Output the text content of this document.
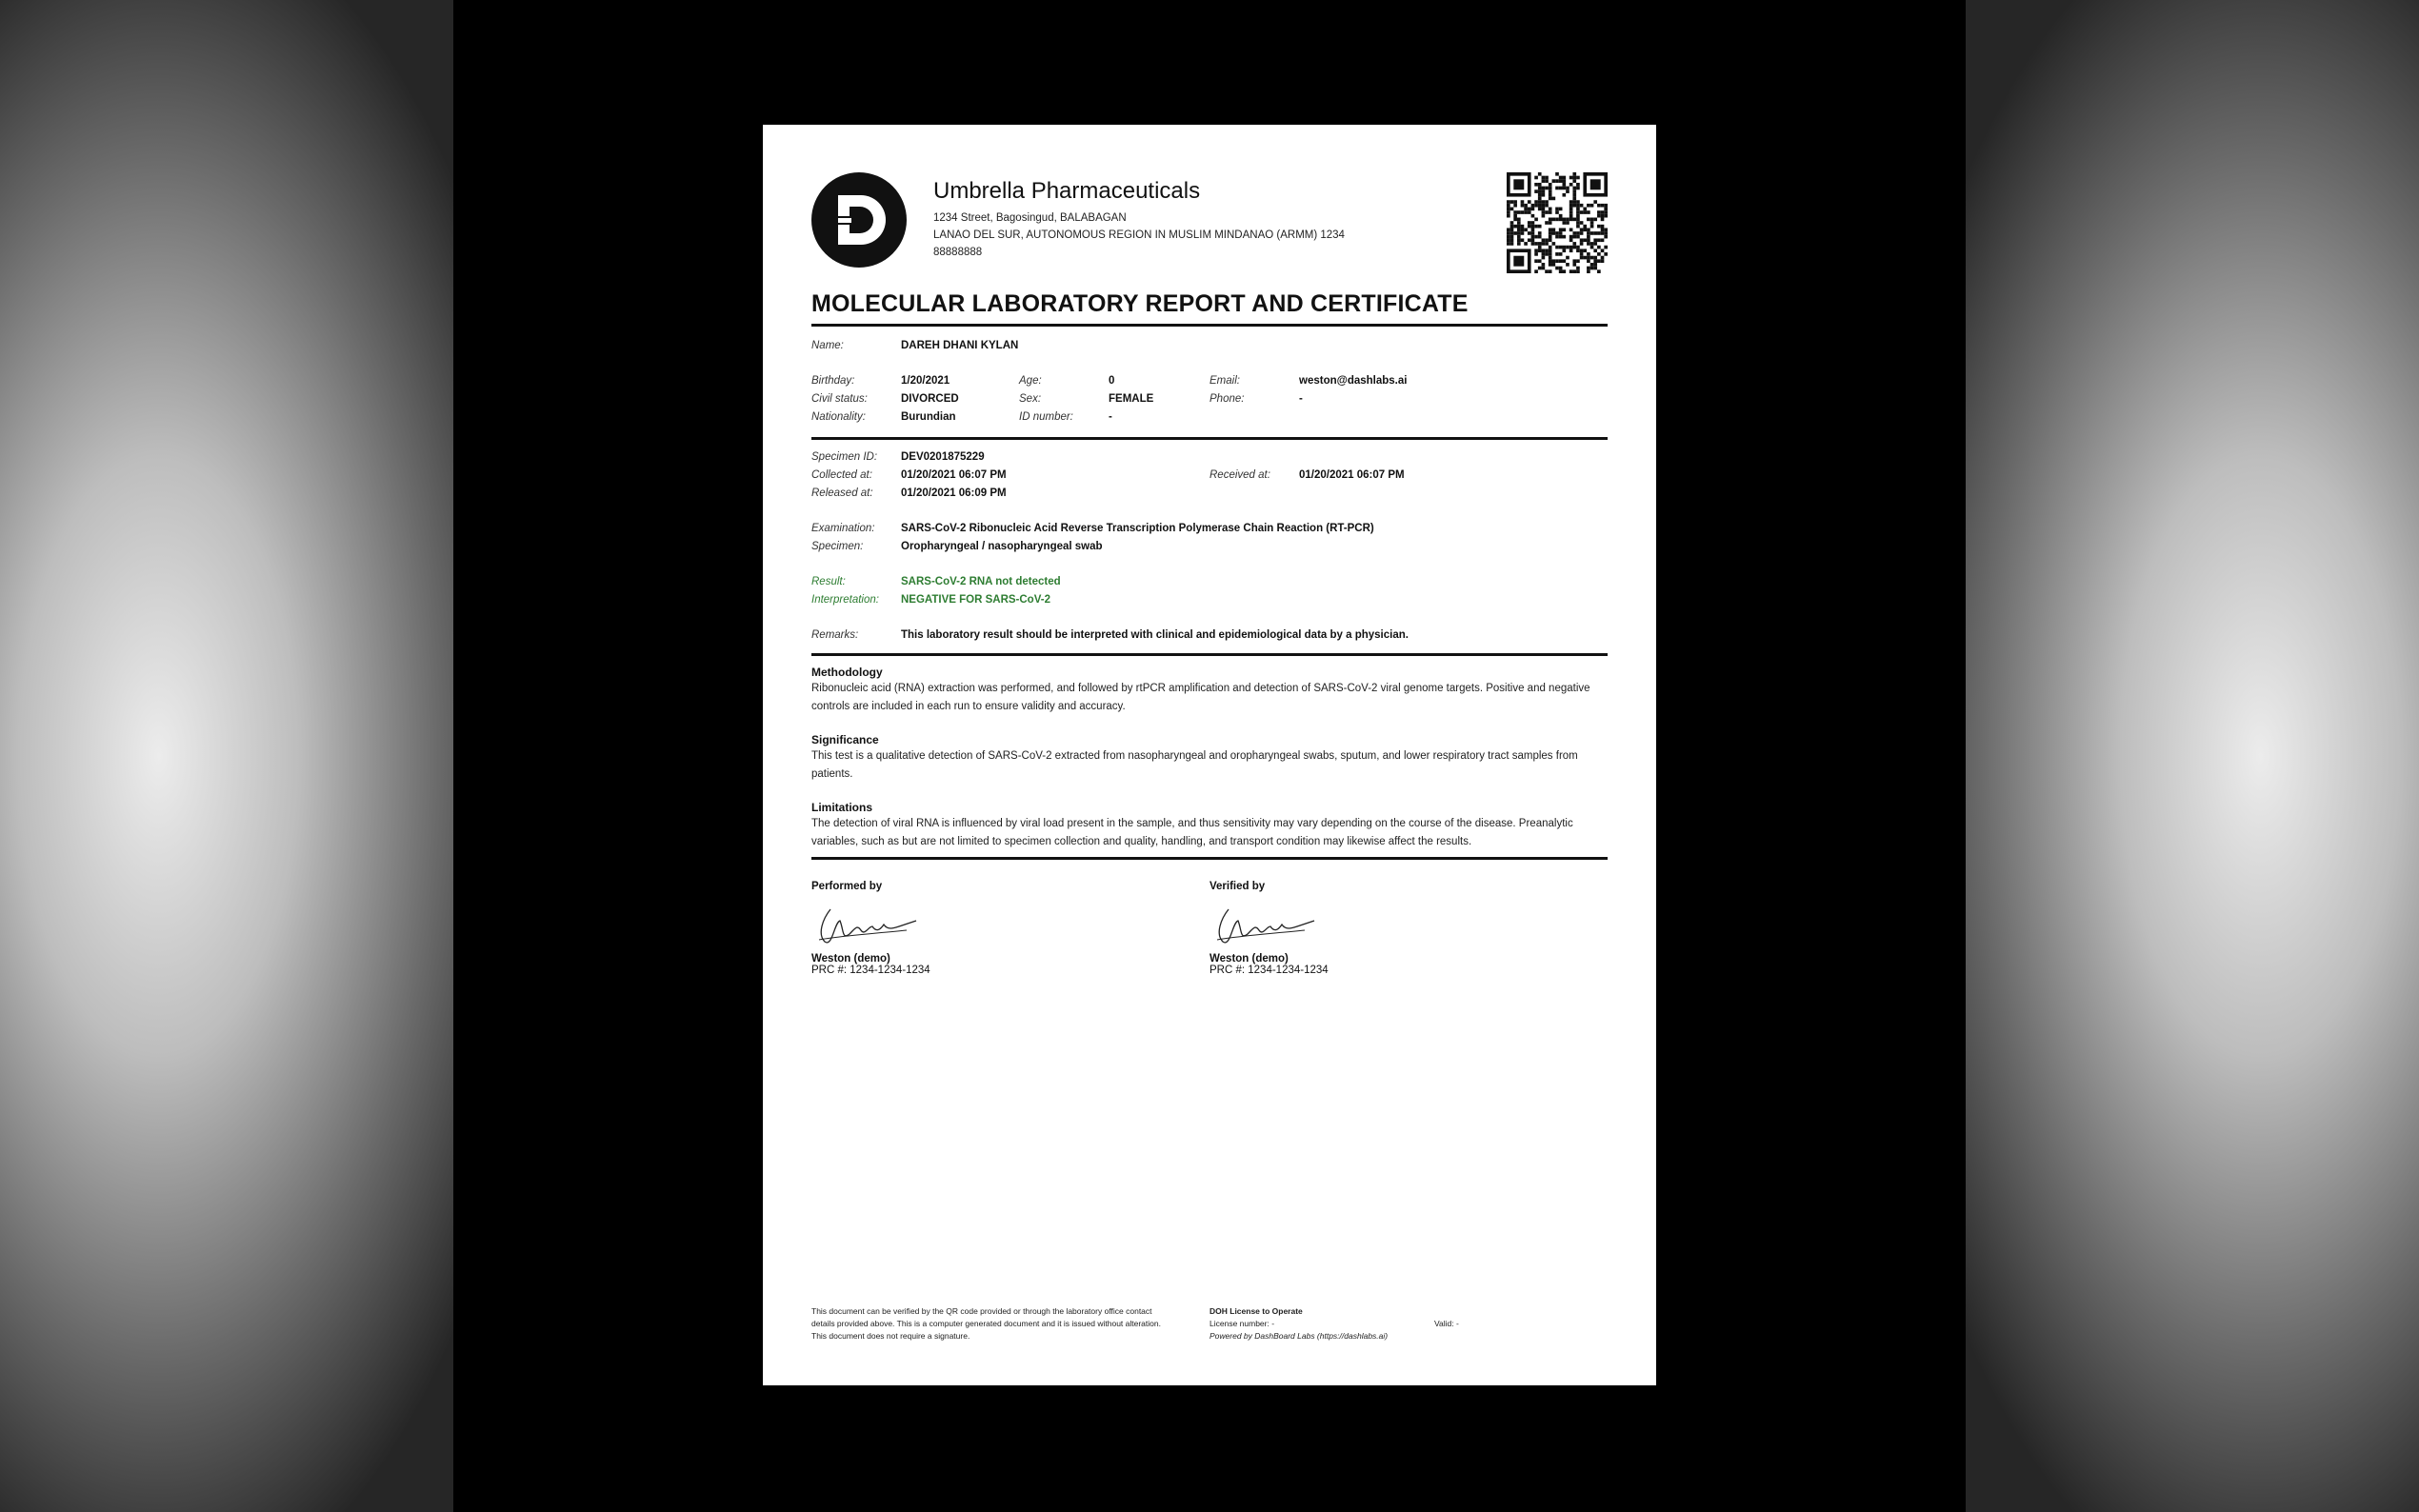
Umbrella Pharmaceuticals
1234 Street, Bagosingud, BALABAGAN
LANAO DEL SUR, AUTONOMOUS REGION IN MUSLIM MINDANAO (ARMM) 1234
88888888
MOLECULAR LABORATORY REPORT AND CERTIFICATE
Name:	DAREH DHANI KYLAN
Birthday:	1/20/2021	Age:	0	Email:	weston@dashlabs.ai
Civil status:	DIVORCED	Sex:	FEMALE	Phone:	-
Nationality:	Burundian	ID number:	-
Specimen ID: DEV0201875229
Collected at:	01/20/2021 06:07 PM	Received at:	01/20/2021 06:07 PM
Released at:	01/20/2021 06:09 PM
Examination: SARS-CoV-2 Ribonucleic Acid Reverse Transcription Polymerase Chain Reaction (RT-PCR)
Specimen:	Oropharyngeal / nasopharyngeal swab
Result:	SARS-CoV-2 RNA not detected
Interpretation: NEGATIVE FOR SARS-CoV-2
Remarks:	This laboratory result should be interpreted with clinical and epidemiological data by a physician.
Methodology
Ribonucleic acid (RNA) extraction was performed, and followed by rtPCR amplification and detection of SARS-CoV-2 viral genome targets. Positive and negative controls are included in each run to ensure validity and accuracy.
Significance
This test is a qualitative detection of SARS-CoV-2 extracted from nasopharyngeal and oropharyngeal swabs, sputum, and lower respiratory tract samples from patients.
Limitations
The detection of viral RNA is influenced by viral load present in the sample, and thus sensitivity may vary depending on the course of the disease. Preanalytic variables, such as but are not limited to specimen collection and quality, handling, and transport condition may likewise affect the results.
Performed by
Weston (demo)
PRC #: 1234-1234-1234
Verified by
Weston (demo)
PRC #: 1234-1234-1234
This document can be verified by the QR code provided or through the laboratory office contact details provided above. This is a computer generated document and it is issued without alteration. This document does not require a signature.
DOH License to Operate
License number: -	Valid: -
Powered by DashBoard Labs (https://dashlabs.ai)
